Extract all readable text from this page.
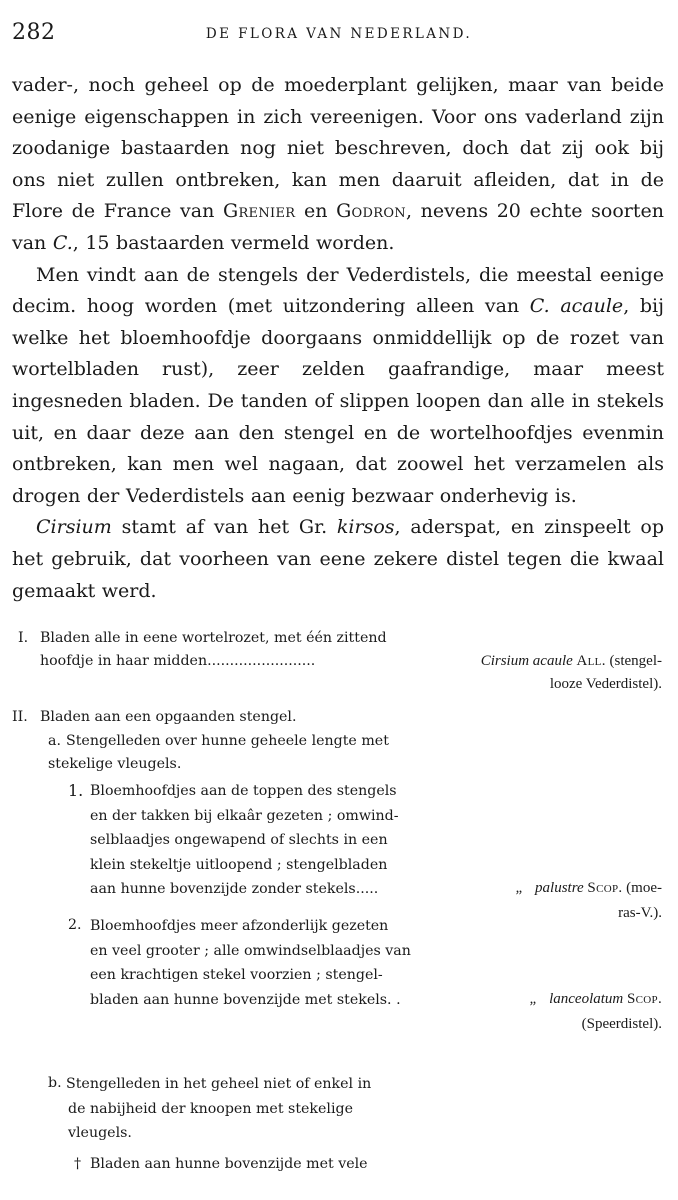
282	DE FLORA VAN NEDERLAND.

vader-, noch geheel op de moederplant gelijken, maar van beide eenige eigenschappen in zich vereenigen. Voor ons vaderland zijn zoodanige bastaarden nog niet beschreven, doch dat zij ook bij ons niet zullen ontbreken, kan men daaruit afleiden, dat in de Flore de France van Grenier en Godron, nevens 20 echte soorten van C., 15 bastaarden vermeld worden.

Men vindt aan de stengels der Vederdistels, die meestal eenige decim. hoog worden (met uitzondering alleen van C. acaule, bij welke het bloemhoofdje doorgaans onmiddellijk op de rozet van wortelbladen rust), zeer zelden gaafrandige, maar meest ingesneden bladen. De tanden of slippen loopen dan alle in stekels uit, en daar deze aan den stengel en de wortelhoofdjes evenmin ontbreken, kan men wel nagaan, dat zoowel het verzamelen als drogen der Vederdistels aan eenig bezwaar onderhevig is.

Cirsium stamt af van het Gr. kirsos, aderspat, en zinspeelt op het gebruik, dat voorheen van eene zekere distel tegen die kwaal gemaakt werd.

I. Bladen alle in eene wortelrozet, met één zittend
hoofdje in haar midden........................	Cirsium acaule All. (stengel-
looze Vederdistel).
II. Bladen aan een opgaanden stengel.
a. Stengelleden over hunne geheele lengte met
stekelige vleugels.
1. Bloemhoofdjes aan de toppen des stengels
en der takken bij elkaâr gezeten ; omwind-
selblaadjes ongewapend of slechts in een
klein stekeltje uitloopend ; stengelbladen
aan hunne bovenzijde zonder stekels.....	„ palustre Scop. (moe-
ras-V.).
2. Bloemhoofdjes meer afzonderlijk gezeten
en veel grooter ; alle omwindselblaadjes van
een krachtigen stekel voorzien ; stengel-
bladen aan hunne bovenzijde met stekels. .	„ lanceolatum Scop.
(Speerdistel).
b. Stengelleden in het geheel niet of enkel in
de nabijheid der knoopen met stekelige
vleugels.
† Bladen aan hunne bovenzijde met vele
